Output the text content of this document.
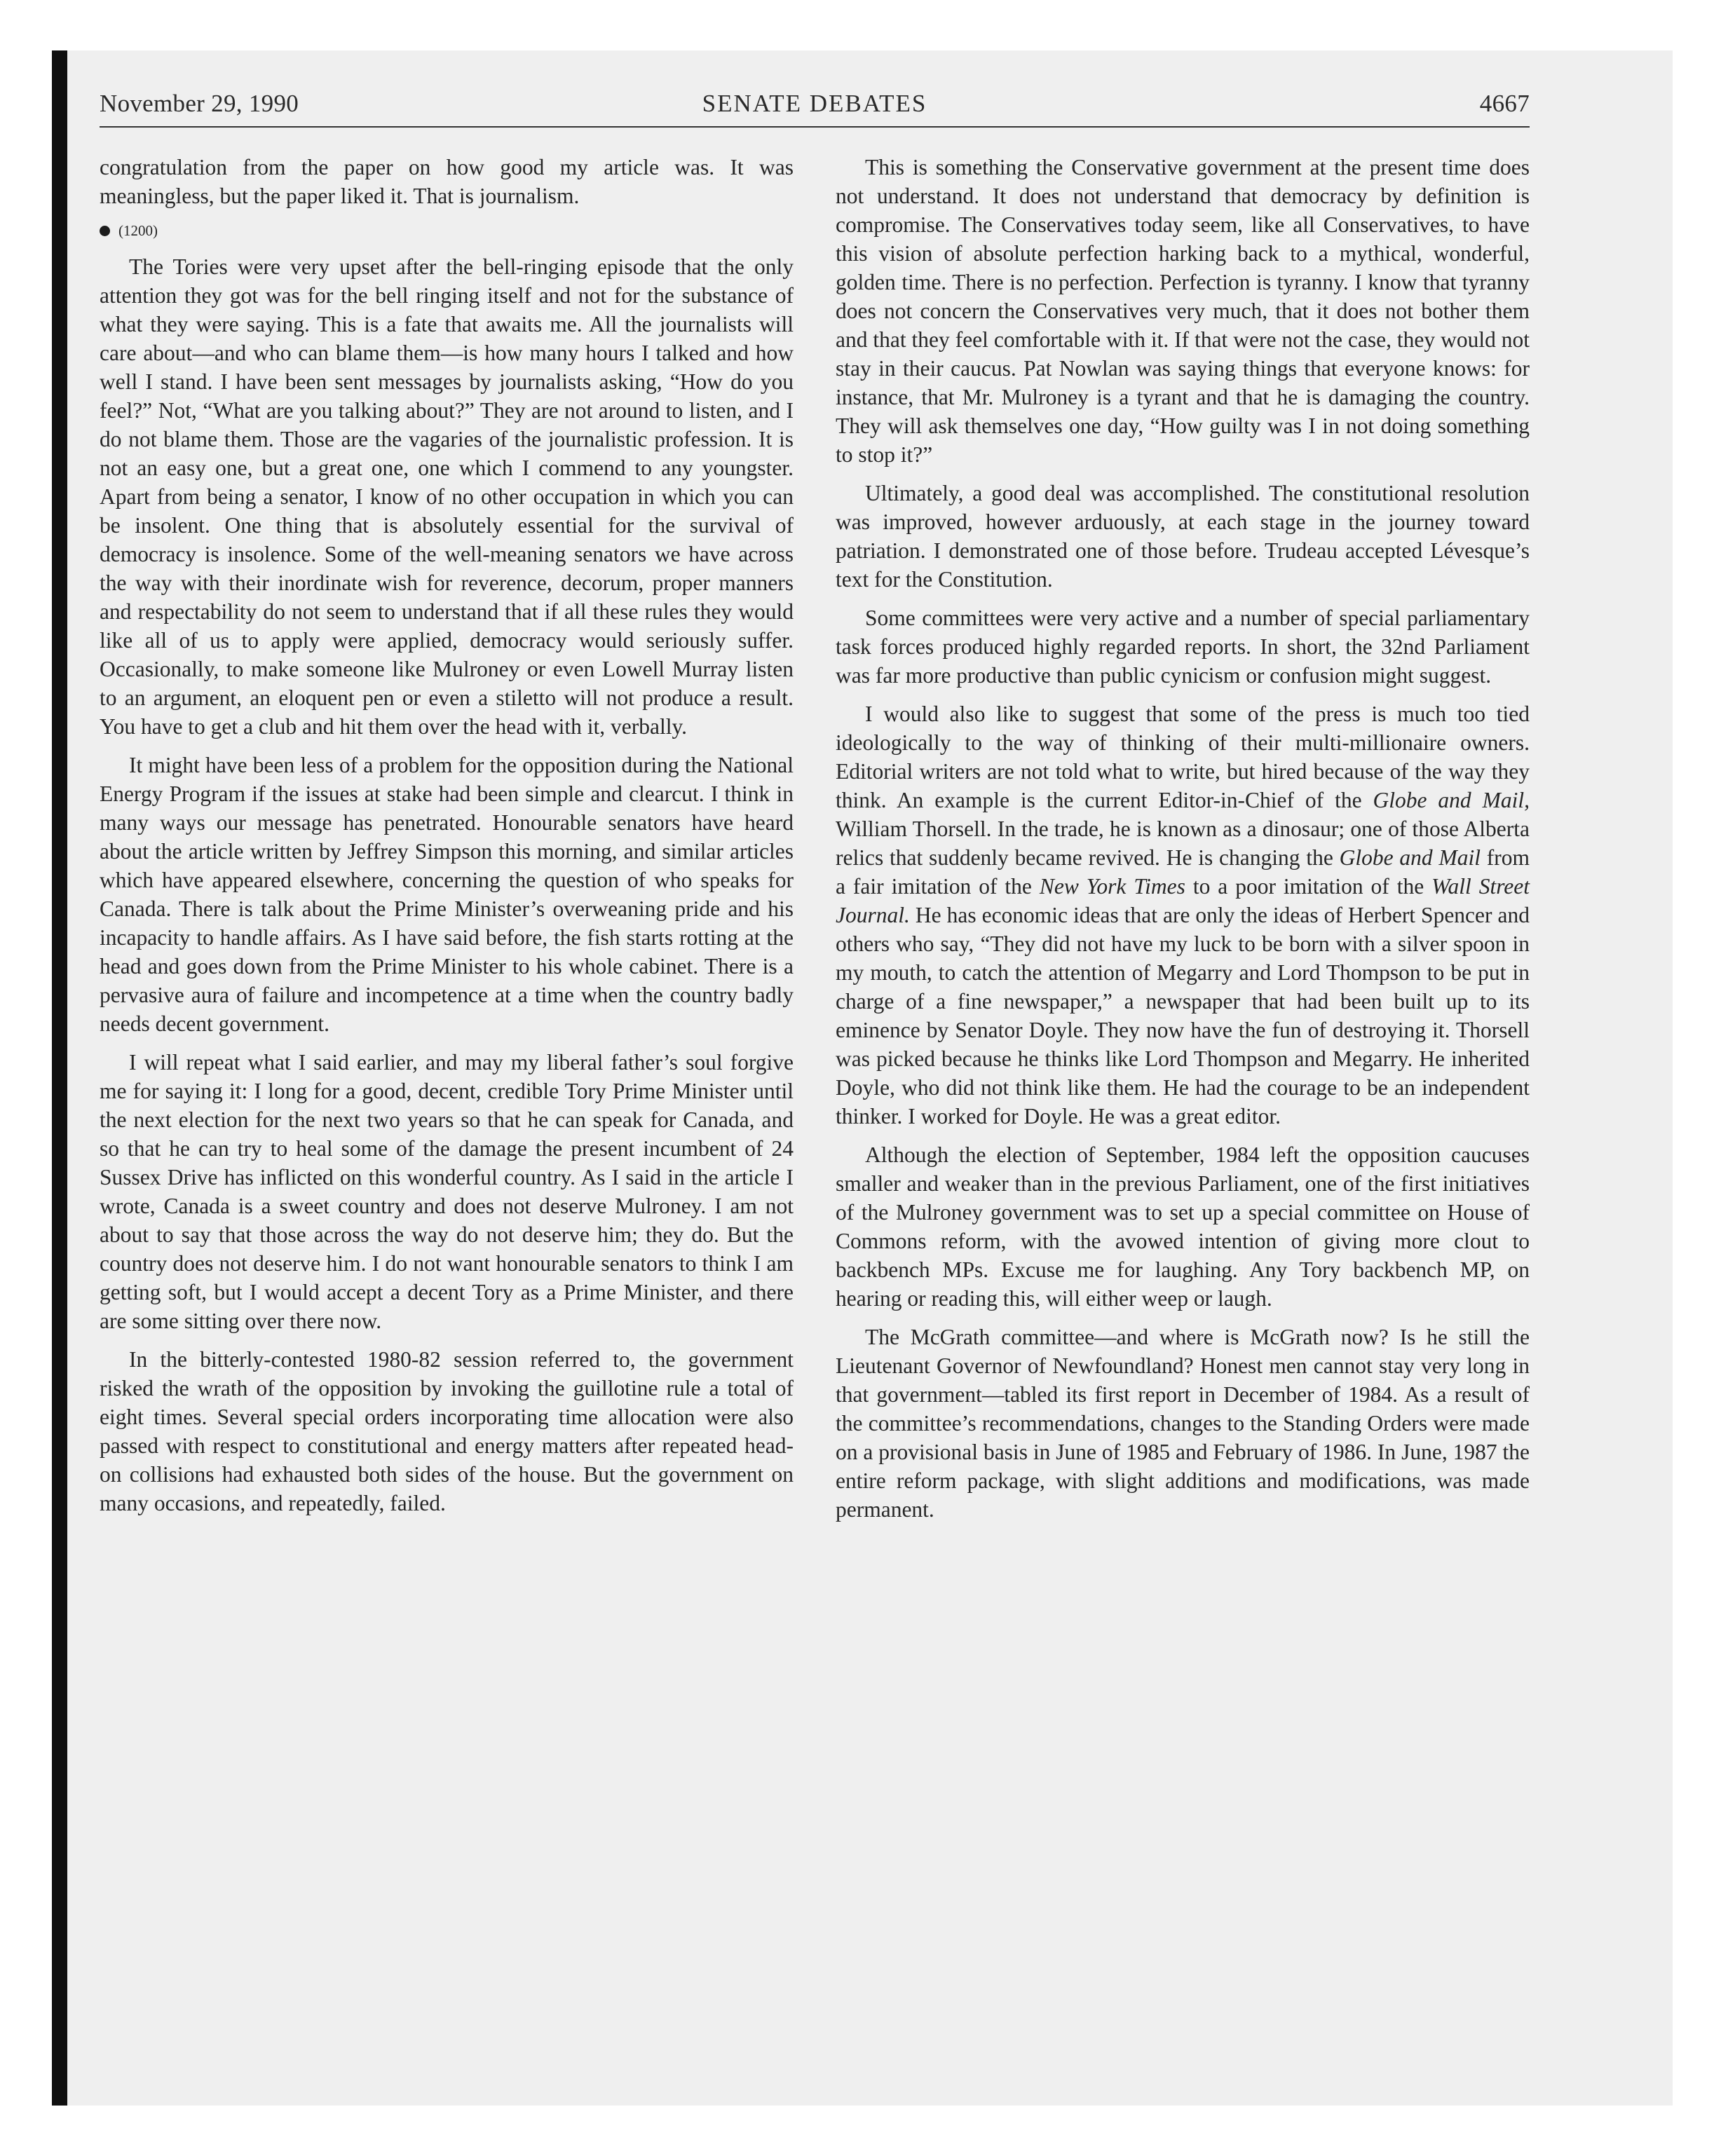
November 29, 1990	SENATE DEBATES	4667

congratulation from the paper on how good my article was. It was meaningless, but the paper liked it. That is journalism.

(1200)

The Tories were very upset after the bell-ringing episode that the only attention they got was for the bell ringing itself and not for the substance of what they were saying. This is a fate that awaits me. All the journalists will care about—and who can blame them—is how many hours I talked and how well I stand. I have been sent messages by journalists asking, “How do you feel?” Not, “What are you talking about?” They are not around to listen, and I do not blame them. Those are the vagaries of the journalistic profession. It is not an easy one, but a great one, one which I commend to any youngster. Apart from being a senator, I know of no other occupation in which you can be insolent. One thing that is absolutely essential for the survival of democracy is insolence. Some of the well-meaning senators we have across the way with their inordinate wish for reverence, decorum, proper manners and respectability do not seem to understand that if all these rules they would like all of us to apply were applied, democracy would seriously suffer. Occasionally, to make someone like Mulroney or even Lowell Murray listen to an argument, an eloquent pen or even a stiletto will not produce a result. You have to get a club and hit them over the head with it, verbally.

It might have been less of a problem for the opposition during the National Energy Program if the issues at stake had been simple and clearcut. I think in many ways our message has penetrated. Honourable senators have heard about the article written by Jeffrey Simpson this morning, and similar articles which have appeared elsewhere, concerning the question of who speaks for Canada. There is talk about the Prime Minister’s overweaning pride and his incapacity to handle affairs. As I have said before, the fish starts rotting at the head and goes down from the Prime Minister to his whole cabinet. There is a pervasive aura of failure and incompetence at a time when the country badly needs decent government.

I will repeat what I said earlier, and may my liberal father’s soul forgive me for saying it: I long for a good, decent, credible Tory Prime Minister until the next election for the next two years so that he can speak for Canada, and so that he can try to heal some of the damage the present incumbent of 24 Sussex Drive has inflicted on this wonderful country. As I said in the article I wrote, Canada is a sweet country and does not deserve Mulroney. I am not about to say that those across the way do not deserve him; they do. But the country does not deserve him. I do not want honourable senators to think I am getting soft, but I would accept a decent Tory as a Prime Minister, and there are some sitting over there now.

In the bitterly-contested 1980-82 session referred to, the government risked the wrath of the opposition by invoking the guillotine rule a total of eight times. Several special orders incorporating time allocation were also passed with respect to constitutional and energy matters after repeated head-on collisions had exhausted both sides of the house. But the government on many occasions, and repeatedly, failed.

This is something the Conservative government at the present time does not understand. It does not understand that democracy by definition is compromise. The Conservatives today seem, like all Conservatives, to have this vision of absolute perfection harking back to a mythical, wonderful, golden time. There is no perfection. Perfection is tyranny. I know that tyranny does not concern the Conservatives very much, that it does not bother them and that they feel comfortable with it. If that were not the case, they would not stay in their caucus. Pat Nowlan was saying things that everyone knows: for instance, that Mr. Mulroney is a tyrant and that he is damaging the country. They will ask themselves one day, “How guilty was I in not doing something to stop it?”

Ultimately, a good deal was accomplished. The constitutional resolution was improved, however arduously, at each stage in the journey toward patriation. I demonstrated one of those before. Trudeau accepted Lévesque’s text for the Constitution.

Some committees were very active and a number of special parliamentary task forces produced highly regarded reports. In short, the 32nd Parliament was far more productive than public cynicism or confusion might suggest.

I would also like to suggest that some of the press is much too tied ideologically to the way of thinking of their multi-millionaire owners. Editorial writers are not told what to write, but hired because of the way they think. An example is the current Editor-in-Chief of the Globe and Mail, William Thorsell. In the trade, he is known as a dinosaur; one of those Alberta relics that suddenly became revived. He is changing the Globe and Mail from a fair imitation of the New York Times to a poor imitation of the Wall Street Journal. He has economic ideas that are only the ideas of Herbert Spencer and others who say, “They did not have my luck to be born with a silver spoon in my mouth, to catch the attention of Megarry and Lord Thompson to be put in charge of a fine newspaper,” a newspaper that had been built up to its eminence by Senator Doyle. They now have the fun of destroying it. Thorsell was picked because he thinks like Lord Thompson and Megarry. He inherited Doyle, who did not think like them. He had the courage to be an independent thinker. I worked for Doyle. He was a great editor.

Although the election of September, 1984 left the opposition caucuses smaller and weaker than in the previous Parliament, one of the first initiatives of the Mulroney government was to set up a special committee on House of Commons reform, with the avowed intention of giving more clout to backbench MPs. Excuse me for laughing. Any Tory backbench MP, on hearing or reading this, will either weep or laugh.

The McGrath committee—and where is McGrath now? Is he still the Lieutenant Governor of Newfoundland? Honest men cannot stay very long in that government—tabled its first report in December of 1984. As a result of the committee’s recommendations, changes to the Standing Orders were made on a provisional basis in June of 1985 and February of 1986. In June, 1987 the entire reform package, with slight additions and modifications, was made permanent.
